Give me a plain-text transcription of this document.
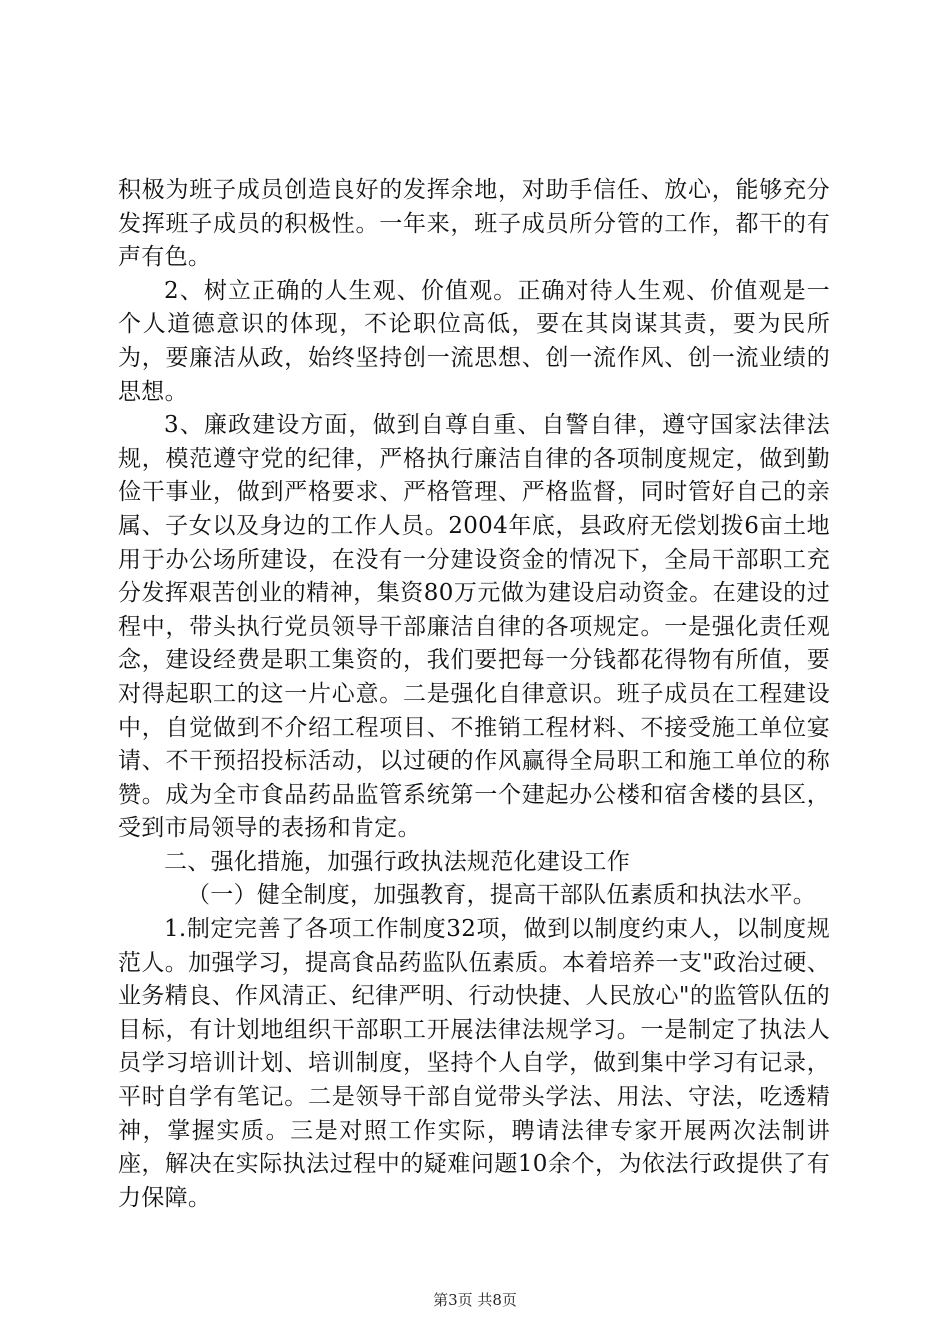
积极为班子成员创造良好的发挥余地，对助手信任、放心，能够充分发挥班子成员的积极性。一年来，班子成员所分管的工作，都干的有声有色。

2、树立正确的人生观、价值观。正确对待人生观、价值观是一个人道德意识的体现，不论职位高低，要在其岗谋其责，要为民所为，要廉洁从政，始终坚持创一流思想、创一流作风、创一流业绩的思想。

3、廉政建设方面，做到自尊自重、自警自律，遵守国家法律法规，模范遵守党的纪律，严格执行廉洁自律的各项制度规定，做到勤俭干事业，做到严格要求、严格管理、严格监督，同时管好自己的亲属、子女以及身边的工作人员。2004年底，县政府无偿划拨6亩土地用于办公场所建设，在没有一分建设资金的情况下，全局干部职工充分发挥艰苦创业的精神，集资80万元做为建设启动资金。在建设的过程中，带头执行党员领导干部廉洁自律的各项规定。一是强化责任观念，建设经费是职工集资的，我们要把每一分钱都花得物有所值，要对得起职工的这一片心意。二是强化自律意识。班子成员在工程建设中，自觉做到不介绍工程项目、不推销工程材料、不接受施工单位宴请、不干预招投标活动，以过硬的作风赢得全局职工和施工单位的称赞。成为全市食品药品监管系统第一个建起办公楼和宿舍楼的县区，受到市局领导的表扬和肯定。

二、强化措施，加强行政执法规范化建设工作

（一）健全制度，加强教育，提高干部队伍素质和执法水平。

1.制定完善了各项工作制度32项，做到以制度约束人，以制度规范人。加强学习，提高食品药监队伍素质。本着培养一支"政治过硬、业务精良、作风清正、纪律严明、行动快捷、人民放心"的监管队伍的目标，有计划地组织干部职工开展法律法规学习。一是制定了执法人员学习培训计划、培训制度，坚持个人自学，做到集中学习有记录，平时自学有笔记。二是领导干部自觉带头学法、用法、守法，吃透精神，掌握实质。三是对照工作实际，聘请法律专家开展两次法制讲座，解决在实际执法过程中的疑难问题10余个，为依法行政提供了有力保障。

第3页 共8页
